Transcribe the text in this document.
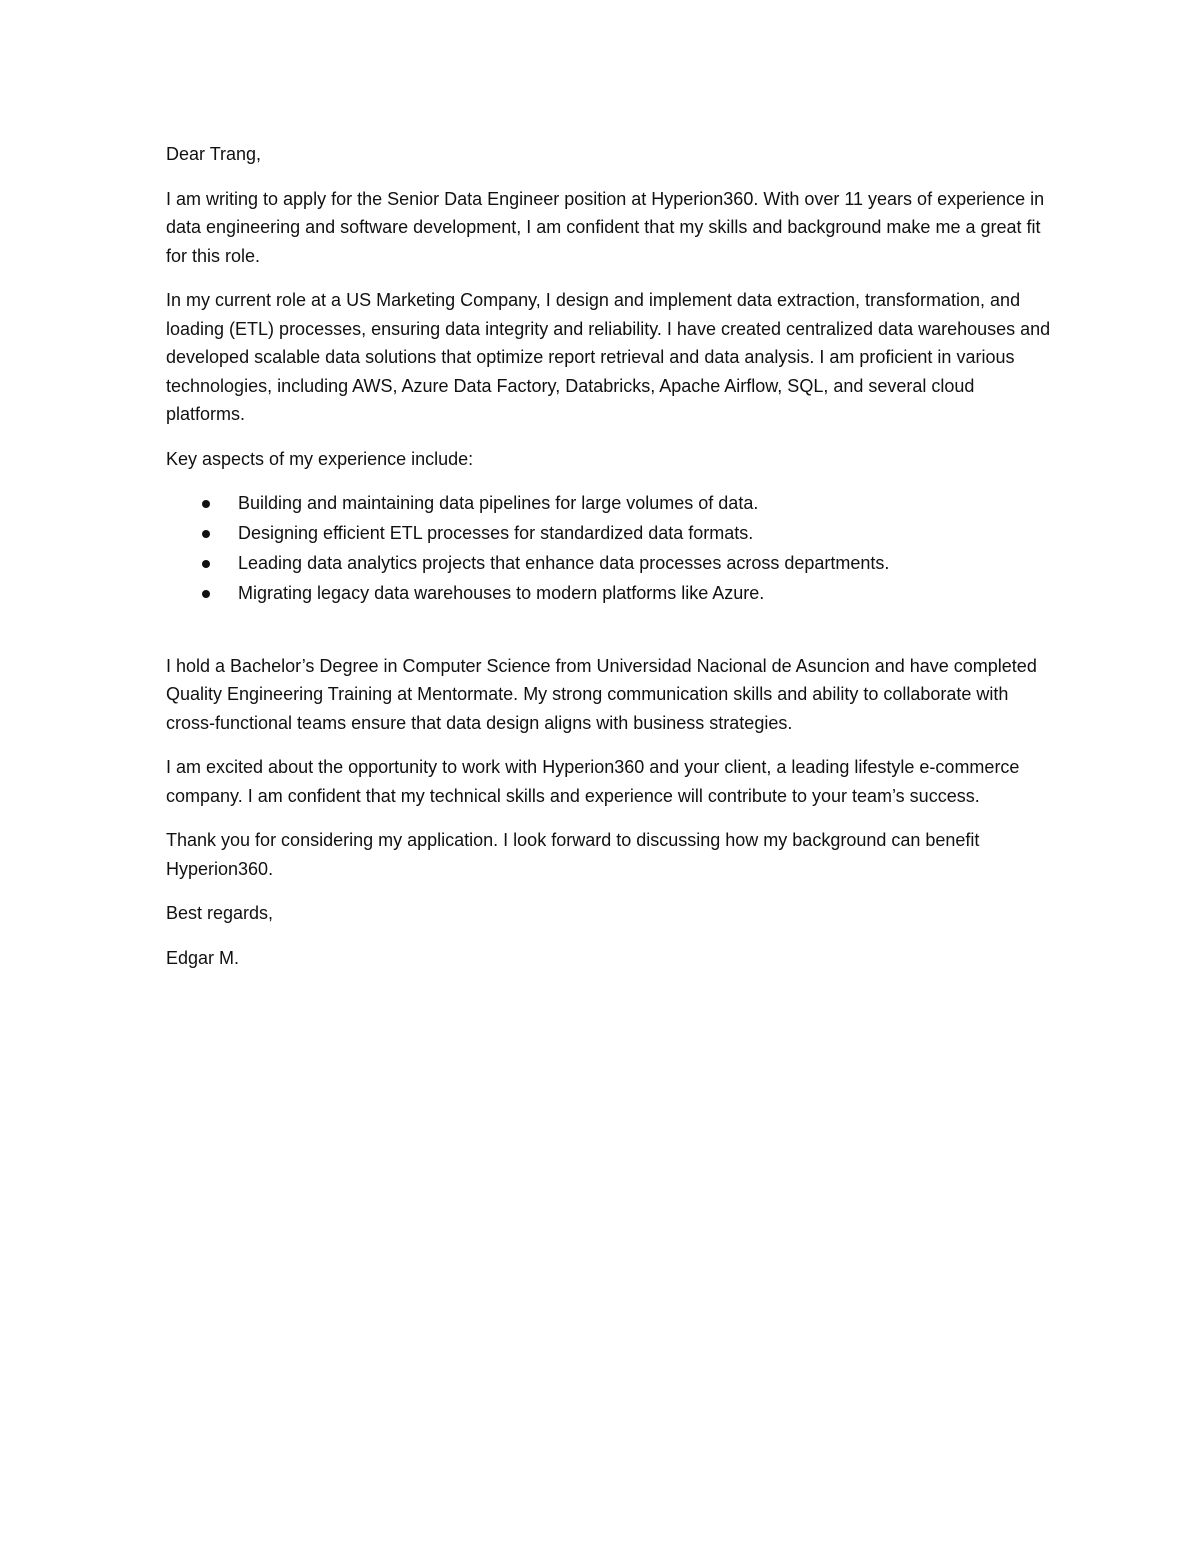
Dear Trang,

I am writing to apply for the Senior Data Engineer position at Hyperion360. With over 11 years of experience in data engineering and software development, I am confident that my skills and background make me a great fit for this role.

In my current role at a US Marketing Company, I design and implement data extraction, transformation, and loading (ETL) processes, ensuring data integrity and reliability. I have created centralized data warehouses and developed scalable data solutions that optimize report retrieval and data analysis. I am proficient in various technologies, including AWS, Azure Data Factory, Databricks, Apache Airflow, SQL, and several cloud platforms.

Key aspects of my experience include:

Building and maintaining data pipelines for large volumes of data.
Designing efficient ETL processes for standardized data formats.
Leading data analytics projects that enhance data processes across departments.
Migrating legacy data warehouses to modern platforms like Azure.

I hold a Bachelor’s Degree in Computer Science from Universidad Nacional de Asuncion and have completed Quality Engineering Training at Mentormate. My strong communication skills and ability to collaborate with cross-functional teams ensure that data design aligns with business strategies.

I am excited about the opportunity to work with Hyperion360 and your client, a leading lifestyle e-commerce company. I am confident that my technical skills and experience will contribute to your team’s success.

Thank you for considering my application. I look forward to discussing how my background can benefit Hyperion360.

Best regards,

Edgar M.
